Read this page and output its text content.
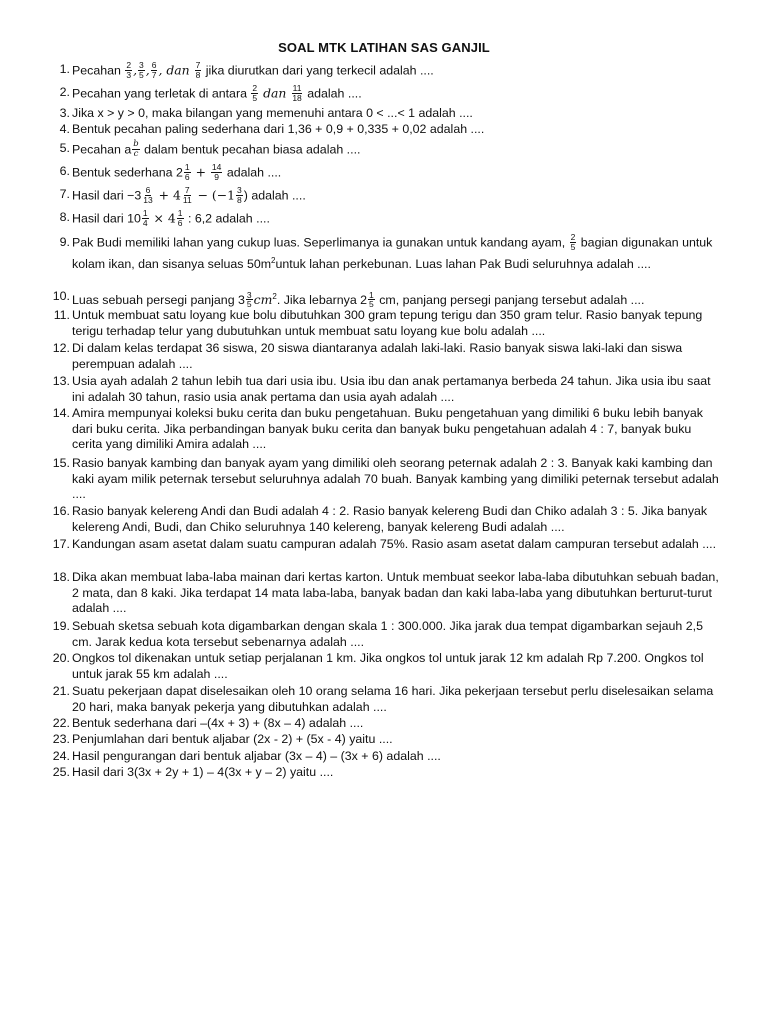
SOAL MTK LATIHAN SAS GANJIL
1. Pecahan $\frac{2}{3}$ , $\frac{3}{5}$ , $\frac{6}{7}$ , dan $\frac{7}{8}$ jika diurutkan dari yang terkecil adalah ....
2. Pecahan yang terletak di antara $\frac{2}{5}$ dan $\frac{11}{18}$ adalah ....
3. Jika x > y > 0, maka bilangan yang memenuhi antara 0 < ...< 1 adalah ....
4. Bentuk pecahan paling sederhana dari 1,36 + 0,9 + 0,335 + 0,02 adalah ....
5. Pecahan a $\frac{b}{c}$ dalam bentuk pecahan biasa adalah ....
6. Bentuk sederhana $2 \frac{1}{6} + \frac{14}{9}$ adalah ....
7. Hasil dari $-3 \frac{6}{13} + 4 \frac{7}{11} - (-1 \frac{3}{8}$ ) adalah ....
8. Hasil dari $10 \frac{1}{4} \times 4 \frac{1}{6}$ : 6,2 adalah ....
9. Pak Budi memiliki lahan yang cukup luas. Seperlimanya ia gunakan untuk kandang ayam, $\frac{2}{5}$ bagian digunakan untuk kolam ikan, dan sisanya seluas $50m^2untuk$ lahan perkebunan. Luas lahan Pak Budi seluruhnya adalah ....
10. Luas sebuah persegi panjang $3 \frac{3}{5} cm^2$. Jika lebarnya $2 \frac{1}{5}$ cm, panjang persegi panjang tersebut adalah ....
11. Untuk membuat satu loyang kue bolu dibutuhkan 300 gram tepung terigu dan 350 gram telur. Rasio banyak tepung terigu terhadap telur yang dubutuhkan untuk membuat satu loyang kue bolu adalah ....
12. Di dalam kelas terdapat 36 siswa, 20 siswa diantaranya adalah laki-laki. Rasio banyak siswa laki-laki dan siswa perempuan adalah ....
13. Usia ayah adalah 2 tahun lebih tua dari usia ibu. Usia ibu dan anak pertamanya berbeda 24 tahun. Jika usia ibu saat ini adalah 30 tahun, rasio usia anak pertama dan usia ayah adalah ....
14. Amira mempunyai koleksi buku cerita dan buku pengetahuan. Buku pengetahuan yang dimiliki 6 buku lebih banyak dari buku cerita. Jika perbandingan banyak buku cerita dan banyak buku pengetahuan adalah 4 : 7, banyak buku cerita yang dimiliki Amira adalah ....
15. Rasio banyak kambing dan banyak ayam yang dimiliki oleh seorang peternak adalah 2 : 3. Banyak kaki kambing dan kaki ayam milik peternak tersebut seluruhnya adalah 70 buah. Banyak kambing yang dimiliki peternak tersebut adalah ....
16. Rasio banyak kelereng Andi dan Budi adalah 4 : 2. Rasio banyak kelereng Budi dan Chiko adalah 3 : 5. Jika banyak kelereng Andi, Budi, dan Chiko seluruhnya 140 kelereng, banyak kelereng Budi adalah ....
17. Kandungan asam asetat dalam suatu campuran adalah 75%. Rasio asam asetat dalam campuran tersebut adalah ....
18. Dika akan membuat laba-laba mainan dari kertas karton. Untuk membuat seekor laba-laba dibutuhkan sebuah badan, 2 mata, dan 8 kaki. Jika terdapat 14 mata laba-laba, banyak badan dan kaki laba-laba yang dibutuhkan berturut-turut adalah ....
19. Sebuah sketsa sebuah kota digambarkan dengan skala 1 : 300.000. Jika jarak dua tempat digambarkan sejauh 2,5 cm. Jarak kedua kota tersebut sebenarnya adalah ....
20. Ongkos tol dikenakan untuk setiap perjalanan 1 km. Jika ongkos tol untuk jarak 12 km adalah Rp 7.200. Ongkos tol untuk jarak 55 km adalah ....
21. Suatu pekerjaan dapat diselesaikan oleh 10 orang selama 16 hari. Jika pekerjaan tersebut perlu diselesaikan selama 20 hari, maka banyak pekerja yang dibutuhkan adalah ....
22. Bentuk sederhana dari –(4x + 3) + (8x – 4) adalah ....
23. Penjumlahan dari bentuk aljabar (2x - 2) + (5x - 4) yaitu ....
24. Hasil pengurangan dari bentuk aljabar (3x – 4) – (3x + 6) adalah ....
25. Hasil dari 3(3x + 2y + 1) – 4(3x + y – 2) yaitu ....
